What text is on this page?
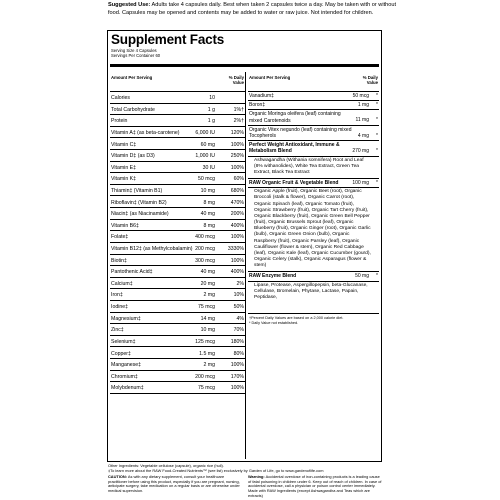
Suggested Use: Adults take 4 capsules daily. Best when taken 2 capsules twice a day. May be taken with or without food. Capsules may be opened and contents may be added to water or raw juice. Not intended for children.
Supplement Facts
Serving Size 4 Capsules
Servings Per Container 60
Amount Per Serving	% Daily Value
Calories	10
Total Carbohydrate	1 g	1%†
Protein	1 g	2%†
Vitamin A‡ (as beta-carotene)	6,000 IU	120%
Vitamin C‡	60 mg	100%
Vitamin D‡ (as D3)	1,000 IU	250%
Vitamin E‡	30 IU	100%
Vitamin K‡	50 mcg	60%
Thiamin‡ (Vitamin B1)	10 mg	680%
Riboflavin‡ (Vitamin B2)	8 mg	470%
Niacin‡ (as Niacinamide)	40 mg	200%
Vitamin B6‡	8 mg	400%
Folate‡	400 mcg	100%
Vitamin B12‡ (as Methylcobalamin) 200 mcg 3330%
Biotin‡	300 mcg	100%
Pantothenic Acid‡	40 mg	400%
Calcium‡	20 mg	2%
Iron‡	2 mg	10%
Iodine‡	75 mcg	50%
Magnesium‡	14 mg	4%
Zinc‡	10 mg	70%
Selenium‡	125 mcg	180%
Copper‡	1.5 mg	80%
Manganese‡	2 mg	100%
Chromium‡	200 mcg	170%
Molybdenum‡	75 mcg	100%
Amount Per Serving	% Daily Value
Vanadium‡	50 mcg *
Boron‡	1 mg *
Organic Moringa oleifera (leaf) containing mixed Carotenoids	11 mg *
Organic Vitex negundo (leaf) containing mixed Tocopherols	4 mg *
Perfect Weight Antioxidant, Immune & Metabolism Blend	270 mg *
Ashwagandha (Withania somnifera) Root and Leaf (8% withanolides), White Tea Extract, Green Tea Extract, Black Tea Extract
RAW Organic Fruit & Vegetable Blend	100 mg *
Organic Apple (fruit), Organic Beet (root), Organic Broccoli (stalk & flower), Organic Carrot (root), Organic Spinach (leaf), Organic Tomato (fruit), Organic Strawberry (fruit), Organic Tart Cherry (fruit), Organic Blackberry (fruit), Organic Green Bell Pepper (fruit), Organic Brussels Sprout (leaf), Organic Blueberry (fruit), Organic Ginger (root), Organic Garlic (bulb), Organic Green Onion (bulb), Organic Raspberry (fruit), Organic Parsley (leaf), Organic Cauliflower (flower & stem), Organic Red Cabbage (leaf), Organic Kale (leaf), Organic Cucumber (gourd), Organic Celery (stalk), Organic Asparagus (flower & stem)
RAW Enzyme Blend	50 mg *
Lipase, Protease, Aspergillopepsin, beta-Glucanase, Cellulase, Bromelain, Phytase, Lactase, Papain, Peptidase,
†Percent Daily Values are based on a 2,000 calorie diet.
* Daily Value not established.
Other Ingredients: Vegetable cellulose (capsule), organic rice (hull).
‡To learn more about the RAW Food-Created Nutrients™ (see list) exclusively by Garden of Life, go to www.gardenoflife.com
CAUTION: As with any dietary supplement, consult your healthcare practitioner before using this product, especially if you are pregnant, nursing, anticipate surgery, take medication on a regular basis or are otherwise under medical supervision.
Warning: Accidental overdose of iron-containing products is a leading cause of fatal poisoning in children under 6. Keep out of reach of children. In case of accidental overdose, call a physician or poison control center immediately.
Made with RAW Ingredients (except Ashwagandha and Teas which are extracts)
